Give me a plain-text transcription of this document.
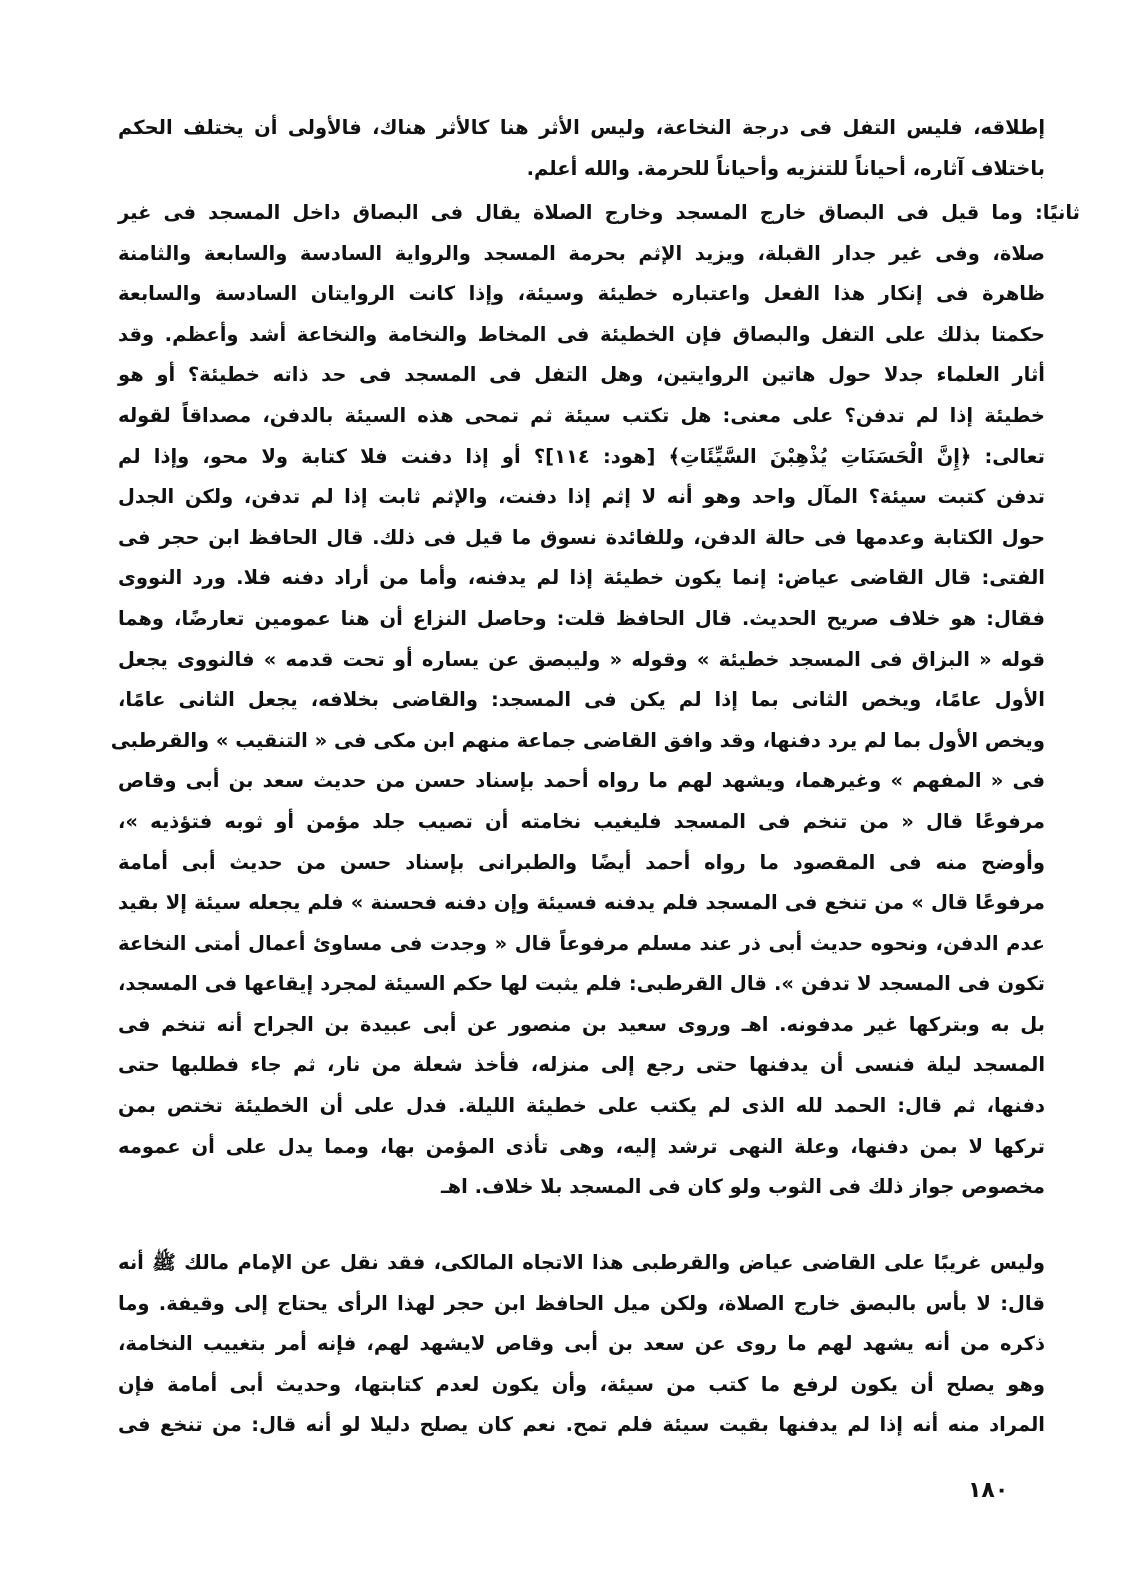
إطلاقه، فليس التفل فى درجة النخاعة، وليس الأثر هنا كالأثر هناك، فالأولى أن يختلف الحكم
باختلاف آثاره، أحياناً للتنزيه وأحياناً للحرمة. والله أعلم.
ثانيًا: وما قيل فى البصاق خارج المسجد وخارج الصلاة يقال فى البصاق داخل المسجد فى غير
صلاة، وفى غير جدار القبلة، ويزيد الإثم بحرمة المسجد والرواية السادسة والسابعة والثامنة
ظاهرة فى إنكار هذا الفعل واعتباره خطيئة وسيئة، وإذا كانت الروايتان السادسة والسابعة
حكمتا بذلك على التفل والبصاق فإن الخطيئة فى المخاط والنخامة والنخاعة أشد وأعظم. وقد
أثار العلماء جدلا حول هاتين الروايتين، وهل التفل فى المسجد فى حد ذاته خطيئة؟ أو هو
خطيئة إذا لم تدفن؟ على معنى: هل تكتب سيئة ثم تمحى هذه السيئة بالدفن، مصداقاً لقوله
تعالى: ﴿إِنَّ الْحَسَنَاتِ يُذْهِبْنَ السَّيِّئَاتِ﴾ [هود: ١١٤]؟ أو إذا دفنت فلا كتابة ولا محو، وإذا لم
تدفن كتبت سيئة؟ المآل واحد وهو أنه لا إثم إذا دفنت، والإثم ثابت إذا لم تدفن، ولكن الجدل
حول الكتابة وعدمها فى حالة الدفن، وللفائدة نسوق ما قيل فى ذلك. قال الحافظ ابن حجر فى
الفتى: قال القاضى عياض: إنما يكون خطيئة إذا لم يدفنه، وأما من أراد دفنه فلا. ورد النووى
فقال: هو خلاف صريح الحديث. قال الحافظ قلت: وحاصل النزاع أن هنا عمومين تعارضًا، وهما
قوله « البزاق فى المسجد خطيئة » وقوله « وليبصق عن يساره أو تحت قدمه » فالنووى يجعل
الأول عامًا، ويخص الثانى بما إذا لم يكن فى المسجد: والقاضى بخلافه، يجعل الثانى عامًا،
ويخص الأول بما لم يرد دفنها، وقد وافق القاضى جماعة منهم ابن مكى فى « التنقيب » والقرطبى
فى « المفهم » وغيرهما، ويشهد لهم ما رواه أحمد بإسناد حسن من حديث سعد بن أبى وقاص
مرفوعًا قال « من تنخم فى المسجد فليغيب نخامته أن تصيب جلد مؤمن أو ثوبه فتؤذيه »،
وأوضح منه فى المقصود ما رواه أحمد أيضًا والطبرانى بإسناد حسن من حديث أبى أمامة
مرفوعًا قال » من تنخع فى المسجد فلم يدفنه فسيئة وإن دفنه فحسنة » فلم يجعله سيئة إلا بقيد
عدم الدفن، ونحوه حديث أبى ذر عند مسلم مرفوعاً قال « وجدت فى مساوئ أعمال أمتى النخاعة
تكون فى المسجد لا تدفن ». قال القرطبى: فلم يثبت لها حكم السيئة لمجرد إيقاعها فى المسجد،
بل به وبتركها غير مدفونه. اهـ وروى سعيد بن منصور عن أبى عبيدة بن الجراح أنه تنخم فى
المسجد ليلة فنسى أن يدفنها حتى رجع إلى منزله، فأخذ شعلة من نار، ثم جاء فطلبها حتى
دفنها، ثم قال: الحمد لله الذى لم يكتب على خطيئة الليلة. فدل على أن الخطيئة تختص بمن
تركها لا بمن دفنها، وعلة النهى ترشد إليه، وهى تأذى المؤمن بها، ومما يدل على أن عمومه
مخصوص جواز ذلك فى الثوب ولو كان فى المسجد بلا خلاف. اهـ
وليس غريبًا على القاضى عياض والقرطبى هذا الاتجاه المالكى، فقد نقل عن الإمام مالك ﷺ أنه
قال: لا بأس بالبصق خارج الصلاة، ولكن ميل الحافظ ابن حجر لهذا الرأى يحتاج إلى وقيفة. وما
ذكره من أنه يشهد لهم ما روى عن سعد بن أبى وقاص لايشهد لهم، فإنه أمر بتغييب النخامة،
وهو يصلح أن يكون لرفع ما كتب من سيئة، وأن يكون لعدم كتابتها، وحديث أبى أمامة فإن
المراد منه أنه إذا لم يدفنها بقيت سيئة فلم تمح. نعم كان يصلح دليلا لو أنه قال: من تنخع فى
١٨٠
